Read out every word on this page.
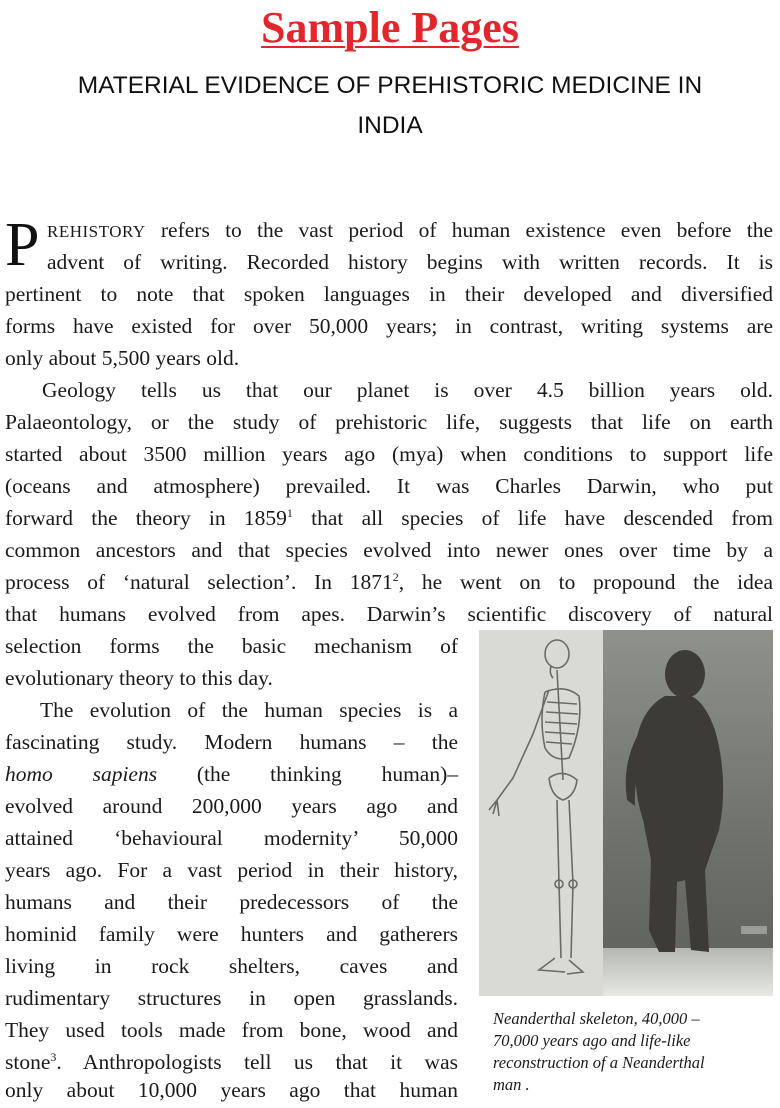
Sample Pages
MATERIAL EVIDENCE OF PREHISTORIC MEDICINE IN
INDIA
P REHISTORY refers to the vast period of human existence even before the
advent of writing. Recorded history begins with written records. It is
pertinent to note that spoken languages in their developed and diversified
forms have existed for over 50,000 years; in contrast, writing systems are
only about 5,500 years old.
Geology tells us that our planet is over 4.5 billion years old.
Palaeontology, or the study of prehistoric life, suggests that life on earth
started about 3500 million years ago (mya) when conditions to support life
(oceans and atmosphere) prevailed. It was Charles Darwin, who put
forward the theory in 1859$^1$ that all species of life have descended from
common ancestors and that species evolved into newer ones over time by a
process of ‘natural selection’. In 1871$^2$, he went on to propound the idea
that humans evolved from apes. Darwin’s scientific discovery of natural
selection forms the basic mechanism of
evolutionary theory to this day.
The evolution of the human species is a
fascinating study. Modern humans – the
homo sapiens (the thinking human)–
evolved around 200,000 years ago and
attained ‘behavioural modernity’ 50,000
years ago. For a vast period in their history,
humans and their predecessors of the
hominid family were hunters and gatherers
living in rock shelters, caves and
rudimentary structures in open grasslands.
They used tools made from bone, wood and
stone$^3$. Anthropologists tell us that it was
only about 10,000 years ago that human
Neanderthal skeleton, 40,000 –
70,000 years ago and life-like
reconstruction of a Neanderthal
man .
